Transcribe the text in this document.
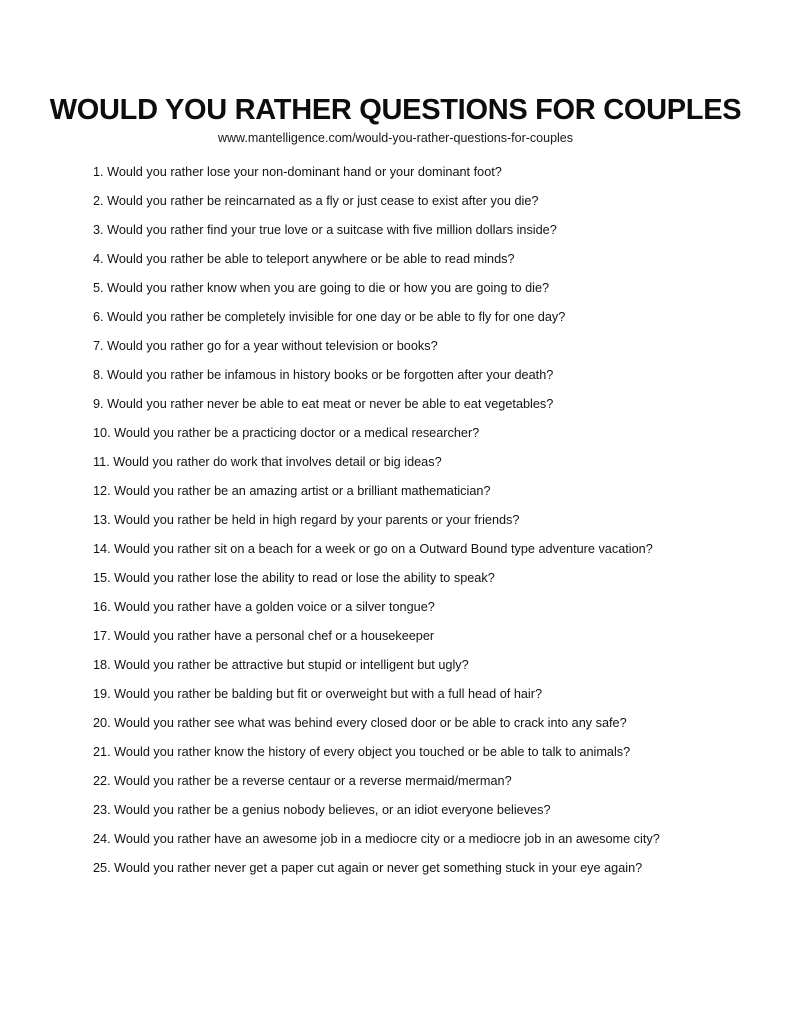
WOULD YOU RATHER QUESTIONS FOR COUPLES
www.mantelligence.com/would-you-rather-questions-for-couples
1. Would you rather lose your non-dominant hand or your dominant foot?
2. Would you rather be reincarnated as a fly or just cease to exist after you die?
3. Would you rather find your true love or a suitcase with five million dollars inside?
4. Would you rather be able to teleport anywhere or be able to read minds?
5. Would you rather know when you are going to die or how you are going to die?
6. Would you rather be completely invisible for one day or be able to fly for one day?
7. Would you rather go for a year without television or books?
8. Would you rather be infamous in history books or be forgotten after your death?
9. Would you rather never be able to eat meat or never be able to eat vegetables?
10. Would you rather be a practicing doctor or a medical researcher?
11. Would you rather do work that involves detail or big ideas?
12. Would you rather be an amazing artist or a brilliant mathematician?
13. Would you rather be held in high regard by your parents or your friends?
14. Would you rather sit on a beach for a week or go on a Outward Bound type adventure vacation?
15. Would you rather lose the ability to read or lose the ability to speak?
16. Would you rather have a golden voice or a silver tongue?
17. Would you rather have a personal chef or a housekeeper
18. Would you rather be attractive but stupid or intelligent but ugly?
19. Would you rather be balding but fit or overweight but with a full head of hair?
20. Would you rather see what was behind every closed door or be able to crack into any safe?
21. Would you rather know the history of every object you touched or be able to talk to animals?
22. Would you rather be a reverse centaur or a reverse mermaid/merman?
23. Would you rather be a genius nobody believes, or an idiot everyone believes?
24. Would you rather have an awesome job in a mediocre city or a mediocre job in an awesome city?
25. Would you rather never get a paper cut again or never get something stuck in your eye again?
